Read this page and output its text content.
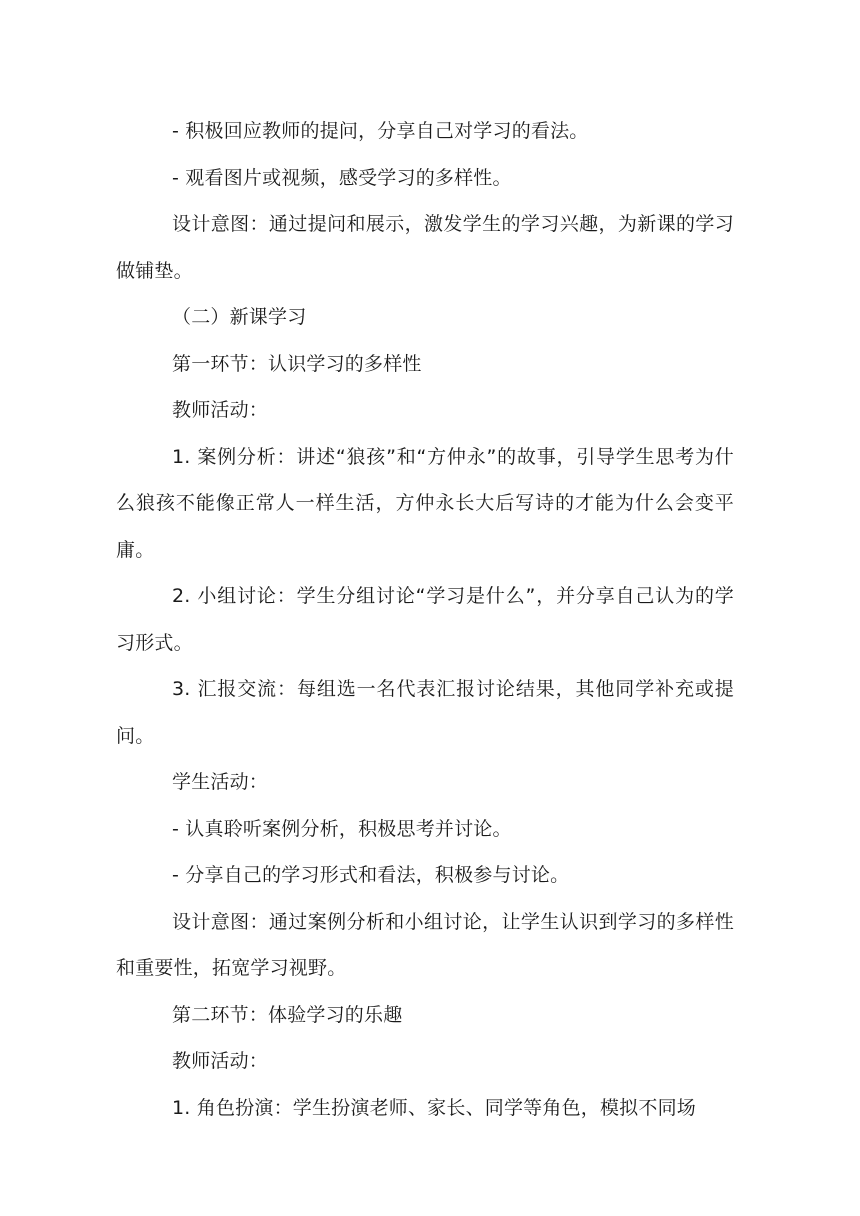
- 积极回应教师的提问，分享自己对学习的看法。

- 观看图片或视频，感受学习的多样性。

设计意图：通过提问和展示，激发学生的学习兴趣，为新课的学习做铺垫。

（二）新课学习

第一环节：认识学习的多样性

教师活动：

1. 案例分析：讲述“狼孩”和“方仲永”的故事，引导学生思考为什么狼孩不能像正常人一样生活，方仲永长大后写诗的才能为什么会变平庸。

2. 小组讨论：学生分组讨论“学习是什么”，并分享自己认为的学习形式。

3. 汇报交流：每组选一名代表汇报讨论结果，其他同学补充或提问。

学生活动：

- 认真聆听案例分析，积极思考并讨论。

- 分享自己的学习形式和看法，积极参与讨论。

设计意图：通过案例分析和小组讨论，让学生认识到学习的多样性和重要性，拓宽学习视野。

第二环节：体验学习的乐趣

教师活动：

1. 角色扮演：学生扮演老师、家长、同学等角色，模拟不同场
